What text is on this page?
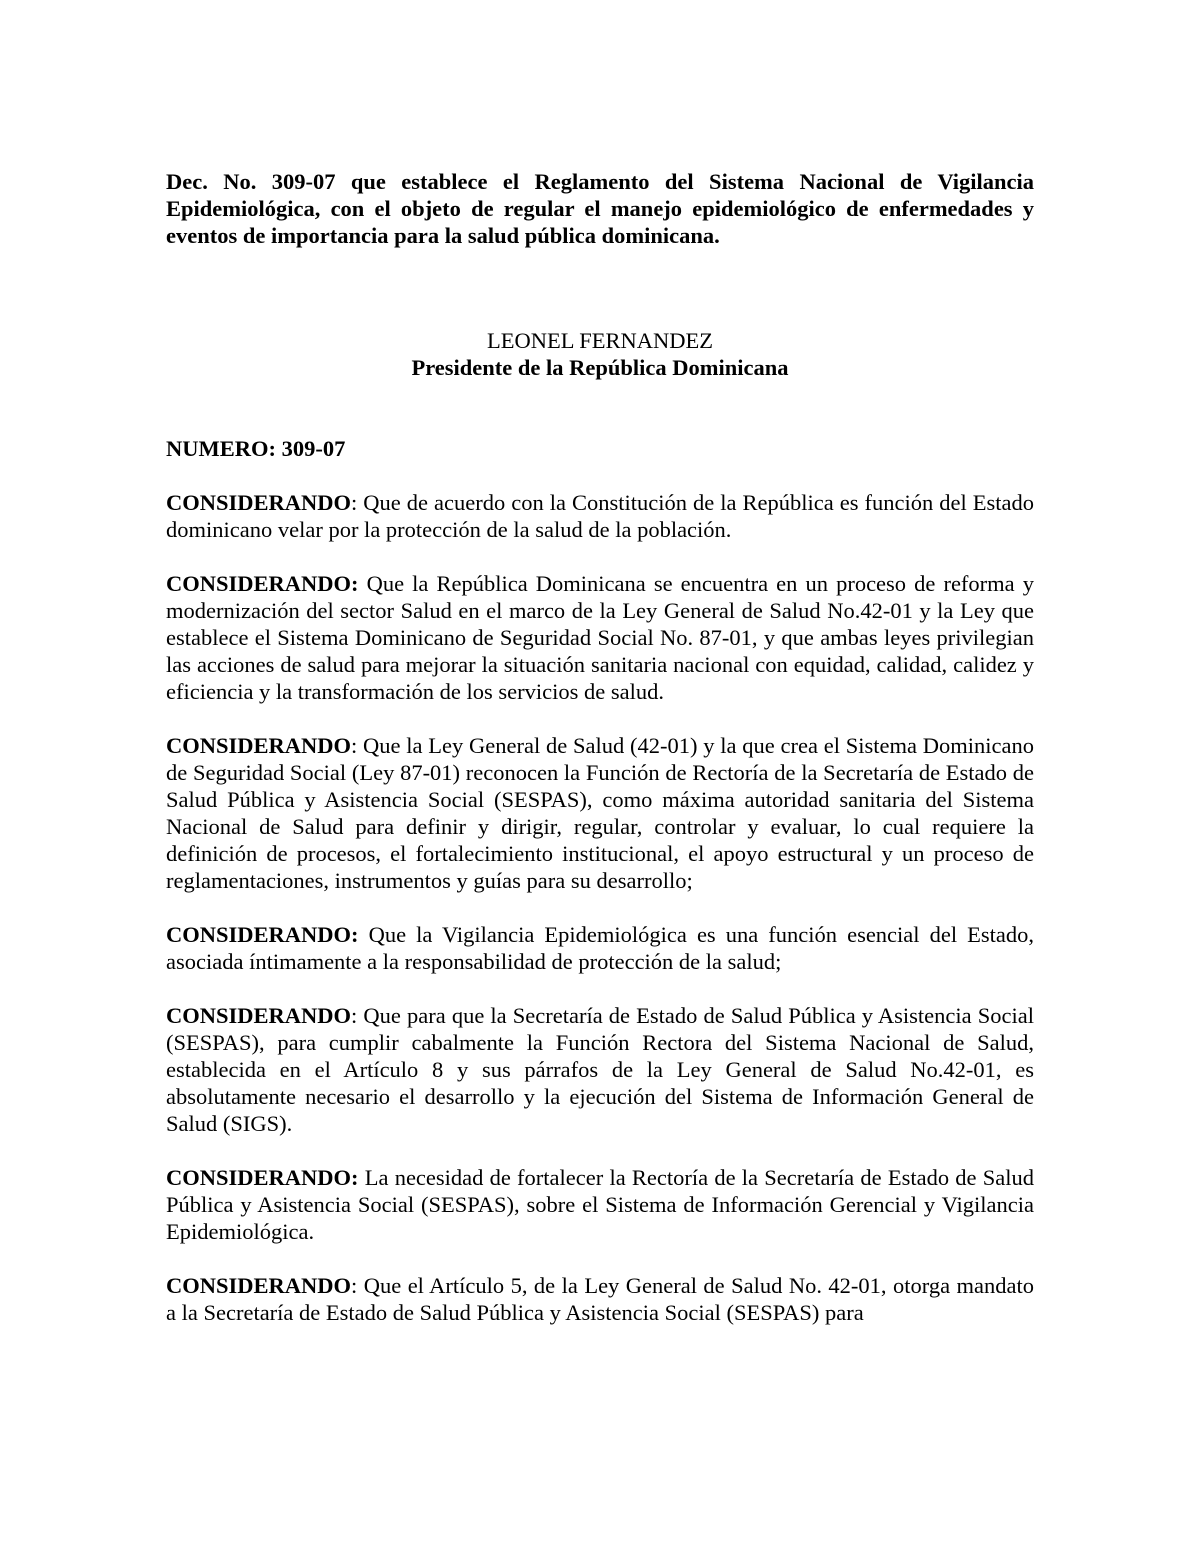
Dec. No. 309-07 que establece el Reglamento del Sistema Nacional de Vigilancia Epidemiológica, con el objeto de regular el manejo epidemiológico de enfermedades y eventos de importancia para la salud pública dominicana.

LEONEL FERNANDEZ

Presidente de la República Dominicana

NUMERO: 309-07

CONSIDERANDO: Que de acuerdo con la Constitución de la República es función del Estado dominicano velar por la protección de la salud de la población.

CONSIDERANDO: Que la República Dominicana se encuentra en un proceso de reforma y modernización del sector Salud en el marco de la Ley General de Salud No.42-01 y la Ley que establece el Sistema Dominicano de Seguridad Social No. 87-01, y que ambas leyes privilegian las acciones de salud para mejorar la situación sanitaria nacional con equidad, calidad, calidez y eficiencia y la transformación de los servicios de salud.

CONSIDERANDO: Que la Ley General de Salud (42-01) y la que crea el Sistema Dominicano de Seguridad Social (Ley 87-01) reconocen la Función de Rectoría de la Secretaría de Estado de Salud Pública y Asistencia Social (SESPAS), como máxima autoridad sanitaria del Sistema Nacional de Salud para definir y dirigir, regular, controlar y evaluar, lo cual requiere la definición de procesos, el fortalecimiento institucional, el apoyo estructural y un proceso de reglamentaciones, instrumentos y guías para su desarrollo;

CONSIDERANDO: Que la Vigilancia Epidemiológica es una función esencial del Estado, asociada íntimamente a la responsabilidad de protección de la salud;

CONSIDERANDO: Que para que la Secretaría de Estado de Salud Pública y Asistencia Social (SESPAS), para cumplir cabalmente la Función Rectora del Sistema Nacional de Salud, establecida en el Artículo 8 y sus párrafos de la Ley General de Salud No.42-01, es absolutamente necesario el desarrollo y la ejecución del Sistema de Información General de Salud (SIGS).

CONSIDERANDO: La necesidad de fortalecer la Rectoría de la Secretaría de Estado de Salud Pública y Asistencia Social (SESPAS), sobre el Sistema de Información Gerencial y Vigilancia Epidemiológica.

CONSIDERANDO: Que el Artículo 5, de la Ley General de Salud No. 42-01, otorga mandato a la Secretaría de Estado de Salud Pública y Asistencia Social (SESPAS) para
